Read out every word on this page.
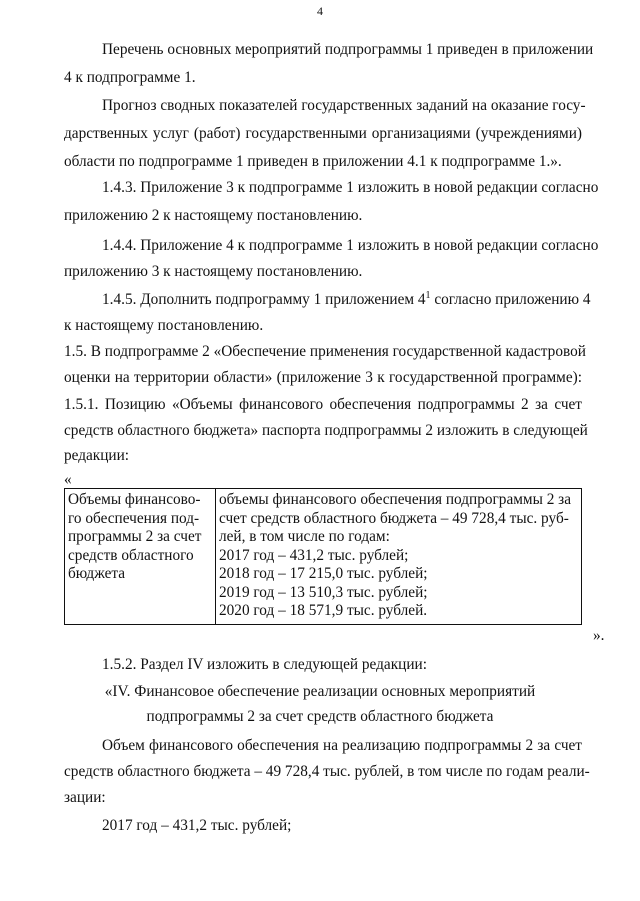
4
Перечень основных мероприятий подпрограммы 1 приведен в приложении
4 к подпрограмме 1.
Прогноз сводных показателей государственных заданий на оказание госу-
дарственных услуг (работ) государственными организациями (учреждениями)
области по подпрограмме 1 приведен в приложении 4.1 к подпрограмме 1.».
1.4.3. Приложение 3 к подпрограмме 1 изложить в новой редакции согласно
приложению 2 к настоящему постановлению.
1.4.4. Приложение 4 к подпрограмме 1 изложить в новой редакции согласно
приложению 3 к настоящему постановлению.
1.4.5. Дополнить подпрограмму 1 приложением $4^1$ согласно приложению 4
к настоящему постановлению.
1.5. В подпрограмме 2 «Обеспечение применения государственной кадастровой
оценки на территории области» (приложение 3 к государственной программе):
1.5.1. Позицию «Объемы финансового обеспечения подпрограммы 2 за счет
средств областного бюджета» паспорта подпрограммы 2 изложить в следующей
редакции:
«
Объемы финансово-
го обеспечения под-
программы 2 за счет
средств областного
бюджета	объемы финансового обеспечения подпрограммы 2 за
счет средств областного бюджета – 49 728,4 тыс. руб-
лей, в том числе по годам:
2017 год – 431,2 тыс. рублей;
2018 год – 17 215,0 тыс. рублей;
2019 год – 13 510,3 тыс. рублей;
2020 год – 18 571,9 тыс. рублей.
».
1.5.2. Раздел IV изложить в следующей редакции:
«IV. Финансовое обеспечение реализации основных мероприятий
подпрограммы 2 за счет средств областного бюджета
Объем финансового обеспечения на реализацию подпрограммы 2 за счет
средств областного бюджета – 49 728,4 тыс. рублей, в том числе по годам реали-
зации:
2017 год – 431,2 тыс. рублей;
